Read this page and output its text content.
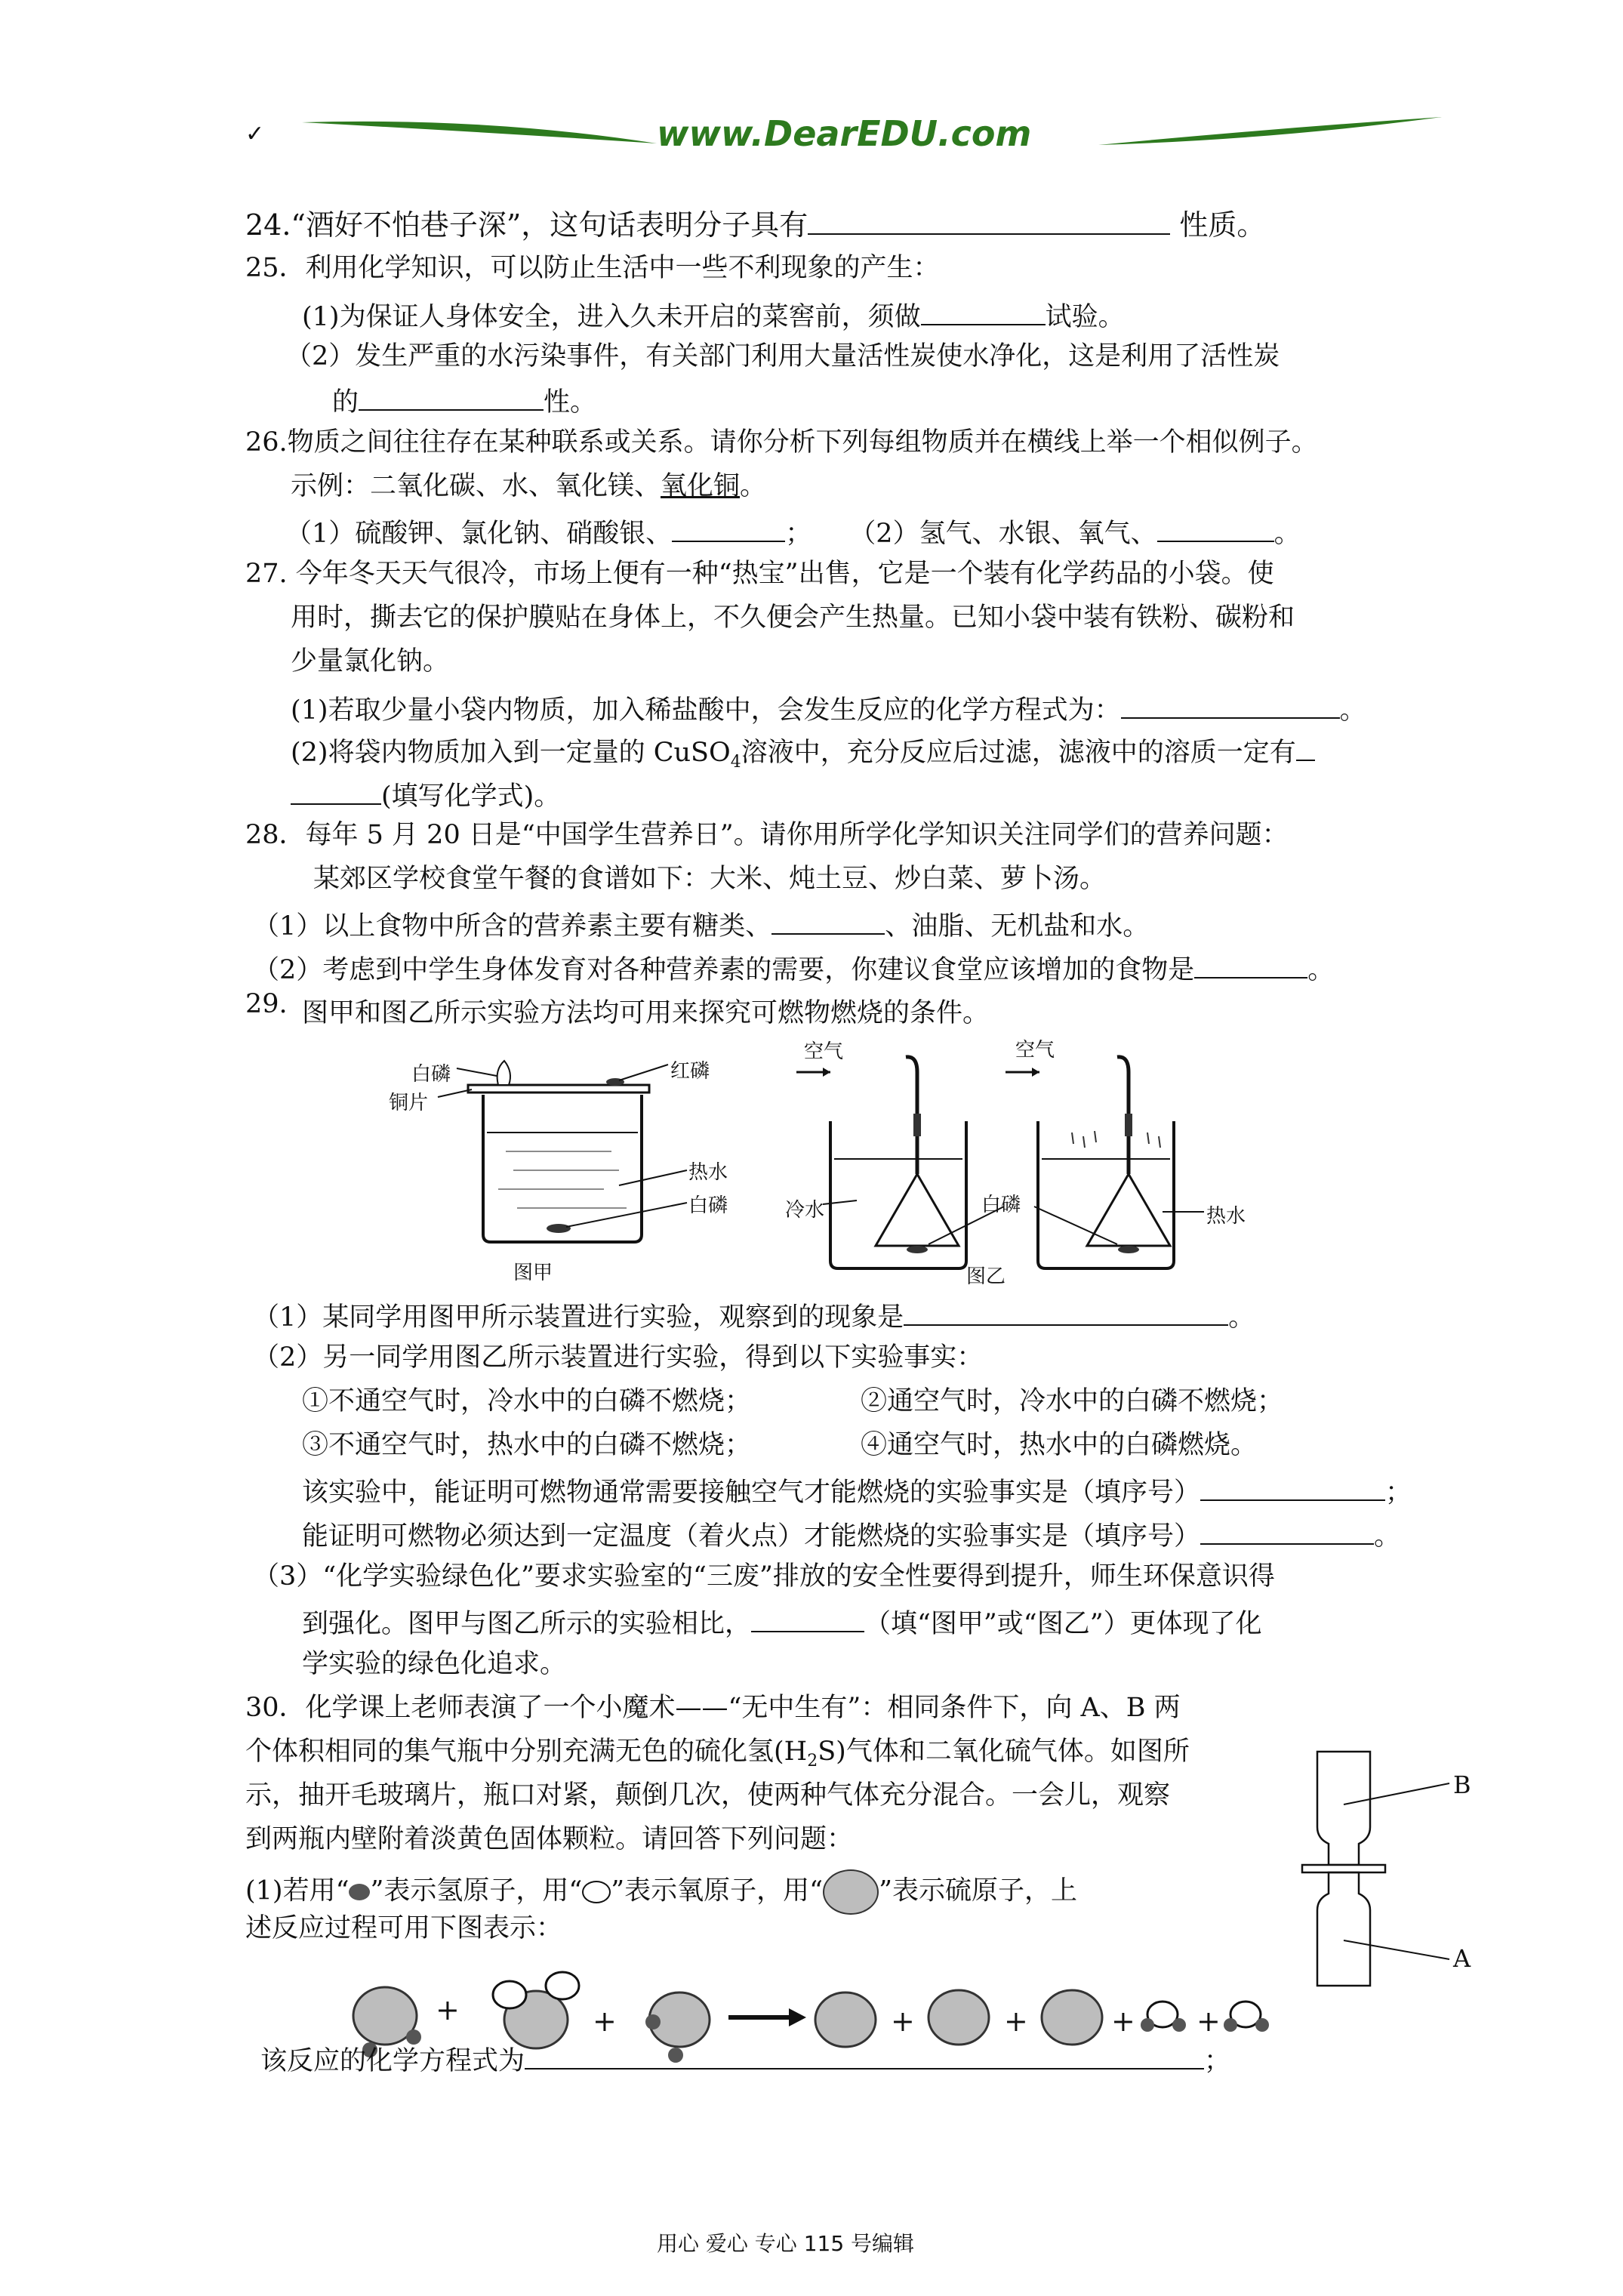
✓	www.DearEDU.com
24.“酒好不怕巷子深”，这句话表明分子具有	性质。
25．利用化学知识，可以防止生活中一些不利现象的产生：
(1)为保证人身体安全，进入久未开启的菜窖前，须做	试验。
（2）发生严重的水污染事件，有关部门利用大量活性炭使水净化，这是利用了活性炭
的	性。
26.物质之间往往存在某种联系或关系。请你分析下列每组物质并在横线上举一个相似例子。
示例：二氧化碳、水、氧化镁、氧化铜。
（1）硫酸钾、氯化钠、硝酸银、	； （2）氢气、水银、氧气、	。
27. 今年冬天天气很冷，市场上便有一种“热宝”出售，它是一个装有化学药品的小袋。使
用时，撕去它的保护膜贴在身体上，不久便会产生热量。已知小袋中装有铁粉、碳粉和
少量氯化钠。
(1)若取少量小袋内物质，加入稀盐酸中，会发生反应的化学方程式为：	。
(2)将袋内物质加入到一定量的 CuSO$_4$溶液中，充分反应后过滤，滤液中的溶质一定有
(填写化学式)。
28．每年 5 月 20 日是“中国学生营养日”。请你用所学化学知识关注同学们的营养问题：
某郊区学校食堂午餐的食谱如下：大米、炖土豆、炒白菜、萝卜汤。
（1）以上食物中所含的营养素主要有糖类、	、油脂、无机盐和水。
（2）考虑到中学生身体发育对各种营养素的需要，你建议食堂应该增加的食物是	。
29. 图甲和图乙所示实验方法均可用来探究可燃物燃烧的条件。
白磷	红磷
铜片
热水
白磷
图甲
空气	空气
冷水	白磷	热水
图乙
（1）某同学用图甲所示装置进行实验，观察到的现象是	。
（2）另一同学用图乙所示装置进行实验，得到以下实验事实：
①不通空气时，冷水中的白磷不燃烧；	②通空气时，冷水中的白磷不燃烧；
③不通空气时，热水中的白磷不燃烧；	④通空气时，热水中的白磷燃烧。
该实验中，能证明可燃物通常需要接触空气才能燃烧的实验事实是（填序号）	；
能证明可燃物必须达到一定温度（着火点）才能燃烧的实验事实是（填序号）	。
（3）“化学实验绿色化”要求实验室的“三废”排放的安全性要得到提升，师生环保意识得
到强化。图甲与图乙所示的实验相比，	（填“图甲”或“图乙”）更体现了化
学实验的绿色化追求。
30．化学课上老师表演了一个小魔术——“无中生有”：相同条件下，向 A、B 两
个体积相同的集气瓶中分别充满无色的硫化氢$(H_2S)$气体和二氧化硫气体。如图所
示，抽开毛玻璃片，瓶口对紧，颠倒几次，使两种气体充分混合。一会儿，观察
到两瓶内壁附着淡黄色固体颗粒。请回答下列问题：
(1)若用“ ”表示氢原子，用“ ”表示氧原子，用“ ”表示硫原子，上
述反应过程可用下图表示：
B
A
+	+	+	+	+ +
该反应的化学方程式为	；
用心 爱心 专心 115 号编辑
